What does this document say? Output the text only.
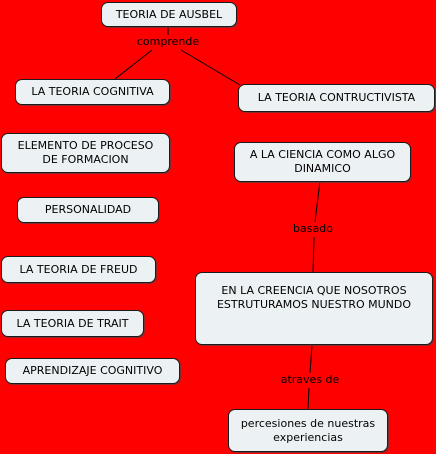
TEORIA DE AUSBEL
comprende
LA TEORIA COGNITIVA	LA TEORIA CONTRUCTIVISTA
ELEMENTO DE PROCESO
DE FORMACION	A LA CIENCIA COMO ALGO
DINAMICO
PERSONALIDAD
basado
LA TEORIA DE FREUD
EN LA CREENCIA QUE NOSOTROS
ESTRUTURAMOS NUESTRO MUNDO
LA TEORIA DE TRAIT
APRENDIZAJE COGNITIVO
atraves de
percesiones de nuestras
experiencias
